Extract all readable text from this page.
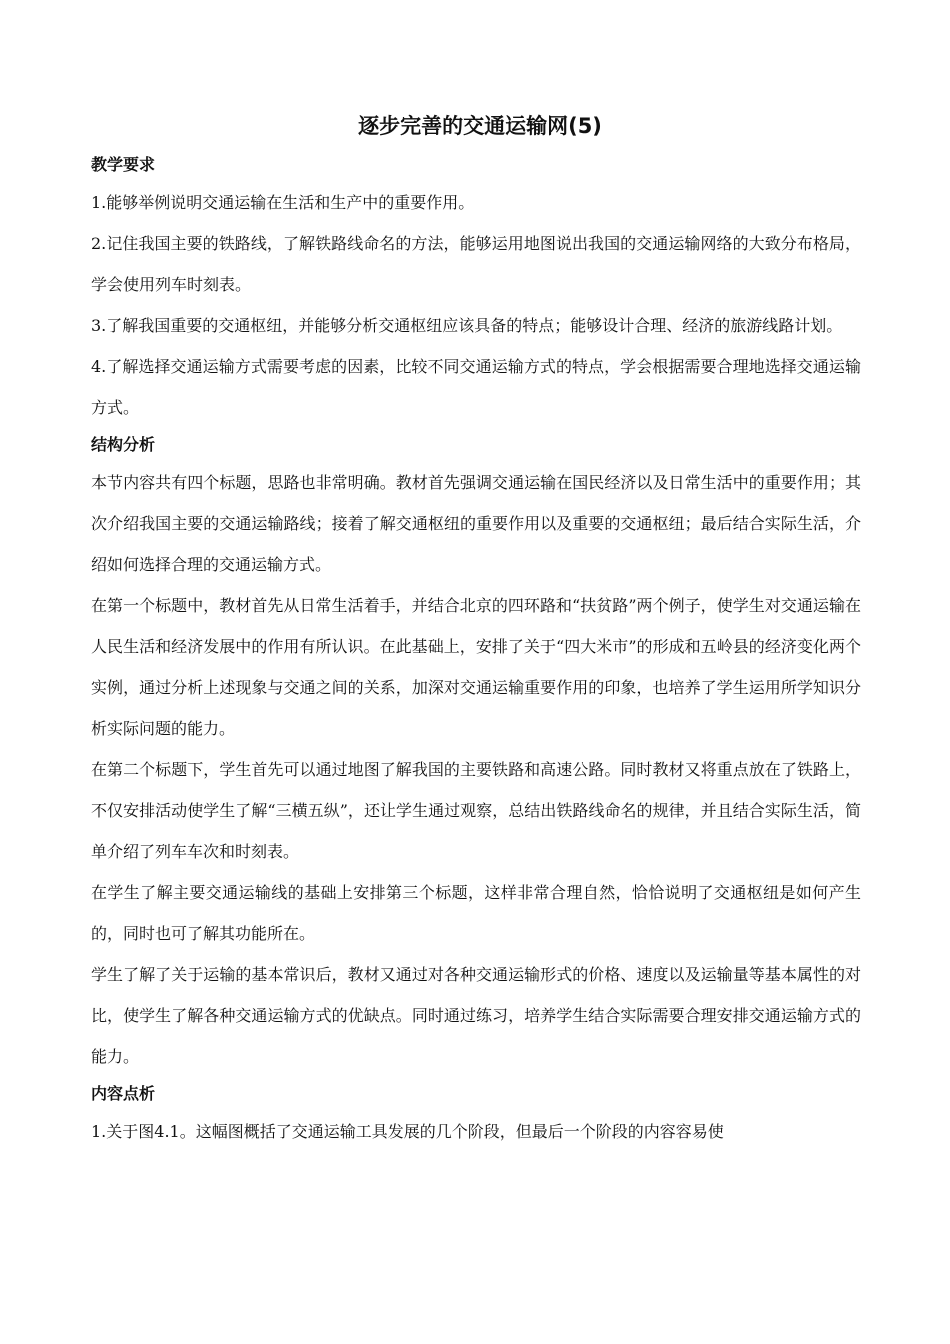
逐步完善的交通运输网(5)
教学要求

1.能够举例说明交通运输在生活和生产中的重要作用。

2.记住我国主要的铁路线，了解铁路线命名的方法，能够运用地图说出我国的交通运输网络的大致分布格局，学会使用列车时刻表。

3.了解我国重要的交通枢纽，并能够分析交通枢纽应该具备的特点；能够设计合理、经济的旅游线路计划。

4.了解选择交通运输方式需要考虑的因素，比较不同交通运输方式的特点，学会根据需要合理地选择交通运输方式。

结构分析

本节内容共有四个标题，思路也非常明确。教材首先强调交通运输在国民经济以及日常生活中的重要作用；其次介绍我国主要的交通运输路线；接着了解交通枢纽的重要作用以及重要的交通枢纽；最后结合实际生活，介绍如何选择合理的交通运输方式。

在第一个标题中，教材首先从日常生活着手，并结合北京的四环路和“扶贫路”两个例子，使学生对交通运输在人民生活和经济发展中的作用有所认识。在此基础上，安排了关于“四大米市”的形成和五岭县的经济变化两个实例，通过分析上述现象与交通之间的关系，加深对交通运输重要作用的印象，也培养了学生运用所学知识分析实际问题的能力。

在第二个标题下，学生首先可以通过地图了解我国的主要铁路和高速公路。同时教材又将重点放在了铁路上，不仅安排活动使学生了解“三横五纵”，还让学生通过观察，总结出铁路线命名的规律，并且结合实际生活，简单介绍了列车车次和时刻表。

在学生了解主要交通运输线的基础上安排第三个标题，这样非常合理自然，恰恰说明了交通枢纽是如何产生的，同时也可了解其功能所在。

学生了解了关于运输的基本常识后，教材又通过对各种交通运输形式的价格、速度以及运输量等基本属性的对比，使学生了解各种交通运输方式的优缺点。同时通过练习，培养学生结合实际需要合理安排交通运输方式的能力。

内容点析

1.关于图4.1。这幅图概括了交通运输工具发展的几个阶段，但最后一个阶段的内容容易使
